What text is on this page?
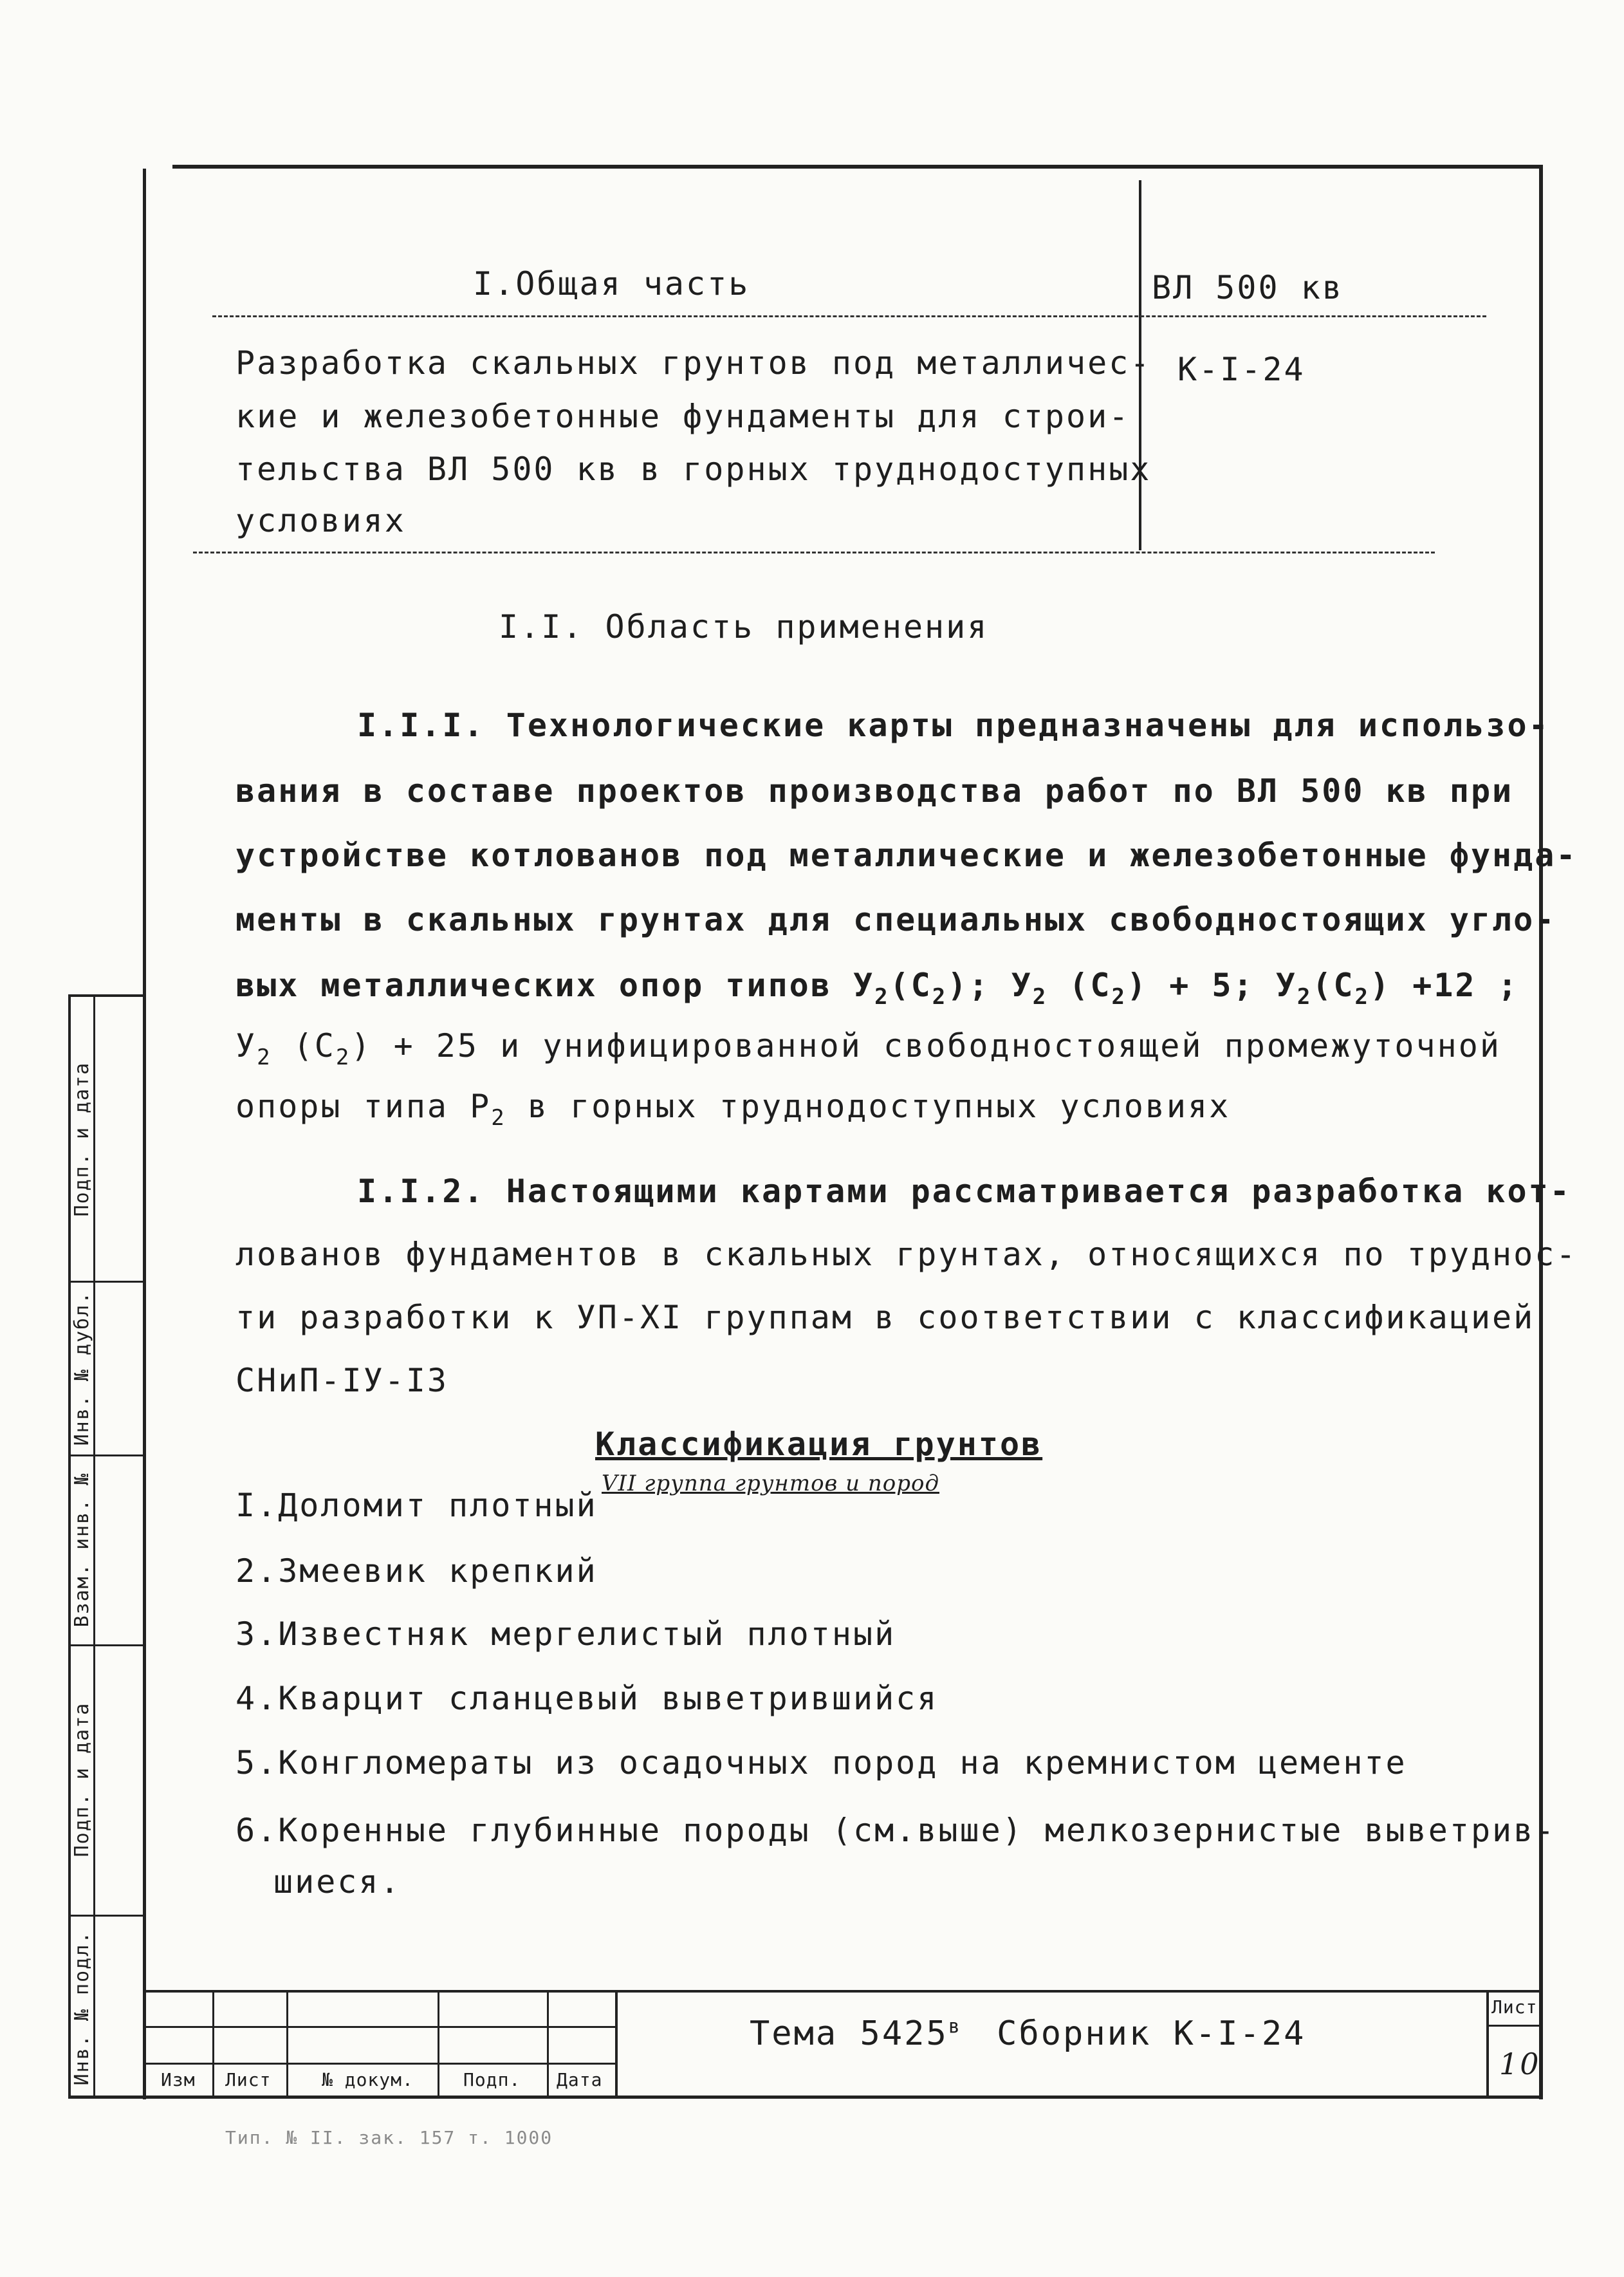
I.Общая часть	ВЛ 500 кв
К-I-24
Разработка скальных грунтов под металличес-
кие и железобетонные фундаменты для строи-
тельства ВЛ 500 кв в горных труднодоступных
условиях
I.I. Область применения
I.I.I. Технологические карты предназначены для использо-
вания в составе проектов производства работ по ВЛ 500 кв при
устройстве котлованов под металлические и железобетонные фунда-
менты в скальных грунтах для специальных свободностоящих угло-
вых металлических опор типов $У_2(С_2)$; $У_2$ $(С_2) + 5$; $У_2(С_2) +12$ ;
$У_2$ $(С_2) + 25$ и унифицированной свободностоящей промежуточной
опоры типа $Р_2$ в горных труднодоступных условиях
I.I.2. Настоящими картами рассматривается разработка кот-
лованов фундаментов в скальных грунтах, относящихся по труднос-
ти разработки к УП-ХI группам в соответствии с классификацией
СНиП-IУ-I3
Классификация грунтов
VII группа грунтов и пород
I.Доломит плотный
2.Змеевик крепкий
3.Известняк мергелистый плотный
4.Кварцит сланцевый выветрившийся
5.Конгломераты из осадочных пород на кремнистом цементе
6.Коренные глубинные породы (см.выше) мелкозернистые выветрив-
шиеся.
Подп. и дата
Инв. № дубл.
Взам. инв. №
Подп. и дата
Инв. № подл.	Изм Лист	№ докум.	Подп. Дата
Тема $5425^в$ Сборник К-I-24
Лист
10
Тип. № II. зак. 157 т. 1000
